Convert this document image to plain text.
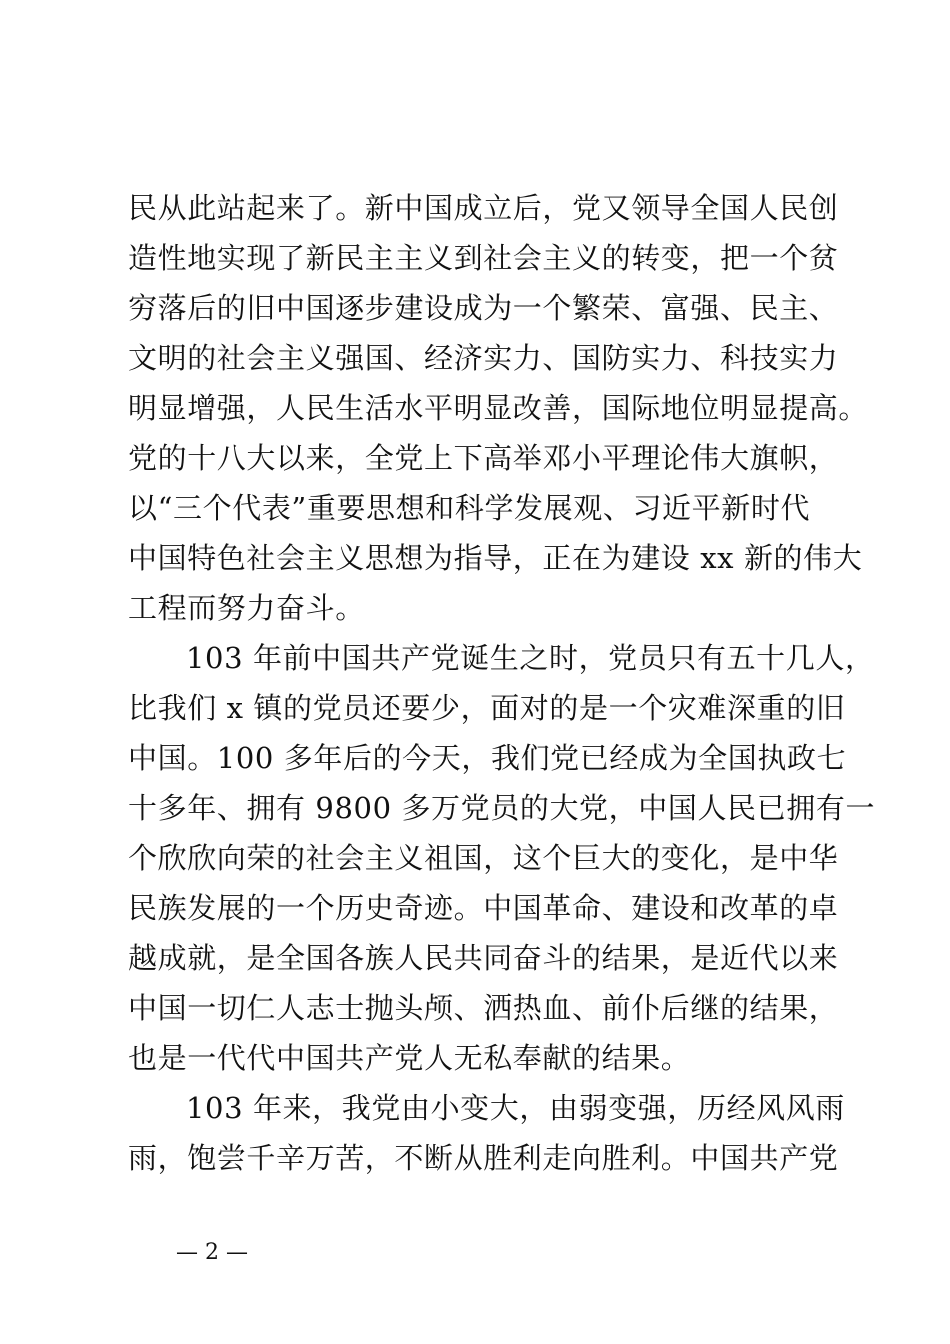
民从此站起来了。新中国成立后，党又领导全国人民创
造性地实现了新民主主义到社会主义的转变，把一个贫
穷落后的旧中国逐步建设成为一个繁荣、富强、民主、
文明的社会主义强国、经济实力、国防实力、科技实力
明显增强，人民生活水平明显改善，国际地位明显提高。
党的十八大以来，全党上下高举邓小平理论伟大旗帜，
以“三个代表”重要思想和科学发展观、习近平新时代
中国特色社会主义思想为指导，正在为建设 xx 新的伟大
工程而努力奋斗。
103 年前中国共产党诞生之时，党员只有五十几人，
比我们 x 镇的党员还要少，面对的是一个灾难深重的旧
中国。100 多年后的今天，我们党已经成为全国执政七
十多年、拥有 9800 多万党员的大党，中国人民已拥有一
个欣欣向荣的社会主义祖国，这个巨大的变化，是中华
民族发展的一个历史奇迹。中国革命、建设和改革的卓
越成就，是全国各族人民共同奋斗的结果，是近代以来
中国一切仁人志士抛头颅、洒热血、前仆后继的结果，
也是一代代中国共产党人无私奉献的结果。
103 年来，我党由小变大，由弱变强，历经风风雨
雨，饱尝千辛万苦，不断从胜利走向胜利。中国共产党
— 2 —
